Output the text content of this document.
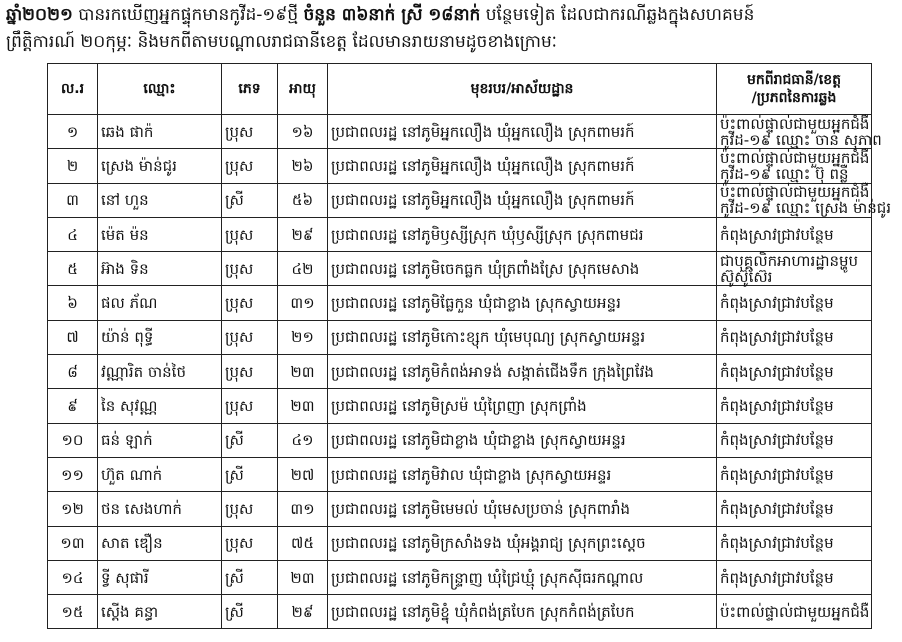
ឆ្នាំ២០២១ បានរកឃើញអ្នកផ្ទុកមានកូវីដ-១៩ថ្មី ចំនួន ៣៦នាក់ ស្រី ១៨នាក់ បន្ថែមទៀត ដែលជាករណីឆ្លងក្នុងសហគមន៍

ព្រឹត្តិការណ៍ ២០កុម្ភៈ និងមកពីតាមបណ្តាលរាជធានីខេត្ត ដែលមានរាយនាមដូចខាងក្រោមៈ

ល.រ	ឈ្មោះ	ភេទ	អាយុ	មុខរបរ/អាស័យដ្ឋាន	មកពីរាជធានី/ខេត្ត
/ប្រភពនៃការឆ្លង
១	ឆេង ផាក៉	ប្រុស	១៦	ប្រជាពលរដ្ឋ នៅភូមិអ្នកលឿង ឃុំអ្នកលឿង ស្រុកពាមរក៍	ប៉ះពាល់ផ្ទាល់ជាមួយអ្នកជំងឺ
កូវីដ-១៩ ឈ្មោះ ចាន់ សុភាព

២	ស្រេង ម៉ាន់ជូរ	ប្រុស	២៦	ប្រជាពលរដ្ឋ នៅភូមិអ្នកលឿង ឃុំអ្នកលឿង ស្រុកពាមរក៍	ប៉ះពាល់ផ្ទាល់ជាមួយអ្នកជំងឺ
កូវីដ-១៩ ឈ្មោះ ប៊ុ ពន្លឺ

៣	នៅ ហួន	ស្រី	៥៦	ប្រជាពលរដ្ឋ នៅភូមិអ្នកលឿង ឃុំអ្នកលឿង ស្រុកពាមរក៍	ប៉ះពាល់ផ្ទាល់ជាមួយអ្នកជំងឺ
កូវីដ-១៩ ឈ្មោះ ស្រេង ម៉ាន់ជូរ

៤	ម៉េត ម៉ន	ប្រុស	២៩	ប្រជាពលរដ្ឋ នៅភូមិឫស្សីស្រុក ឃុំឫស្សីស្រុក ស្រុកពាមជរ	កំពុងស្រាវជ្រាវបន្ថែម

៥	អ៊ាង ទិន	ប្រុស	៤២	ប្រជាពលរដ្ឋ នៅភូមិចេកធ្លក ឃុំត្រពាំងស្រែ ស្រុកមេសាង	ជាបុគ្គលិកអាហារដ្ឋានម្ហូប
ស៊ូស៊ូស៊ែរ

៦	ផល ភ័ណ	ប្រុស	៣១	ប្រជាពលរដ្ឋ នៅភូមិធ្លែកួន ឃុំជាខ្លាង ស្រុកស្វាយអន្ទរ	កំពុងស្រាវជ្រាវបន្ថែម

៧	យ៉ាន់ ពុទ្ធី	ប្រុស	២១	ប្រជាពលរដ្ឋ នៅភូមិកោះខ្សុក ឃុំមេបុណ្យ ស្រុកស្វាយអន្ទរ	កំពុងស្រាវជ្រាវបន្ថែម

៨	វណ្ណារិត ចាន់ថៃ	ប្រុស	២៣	ប្រជាពលរដ្ឋ នៅភូមិកំពង់អាទង់ សង្កាត់ជើងទឹក ក្រុងព្រៃវែង	កំពុងស្រាវជ្រាវបន្ថែម

៩	នៃ សុវណ្ណ	ប្រុស	២៣	ប្រជាពលរដ្ឋ នៅភូមិស្រម៉ ឃុំព្រៃញា ស្រុកព្រាំង	កំពុងស្រាវជ្រាវបន្ថែម

១០	ធន់ ឡាក់	ស្រី	៤១	ប្រជាពលរដ្ឋ នៅភូមិជាខ្លាង ឃុំជាខ្លាង ស្រុកស្វាយអន្ទរ	កំពុងស្រាវជ្រាវបន្ថែម

១១	ហ៊ួត ណាក់	ស្រី	២៧	ប្រជាពលរដ្ឋ នៅភូមិវាល ឃុំជាខ្លាង ស្រុកស្វាយអន្ទរ	កំពុងស្រាវជ្រាវបន្ថែម

១២	ថន សេងហាក់	ប្រុស	៣១	ប្រជាពលរដ្ឋ នៅភូមិមេមល់ ឃុំមេសប្រចាន់ ស្រុកពារាំង	កំពុងស្រាវជ្រាវបន្ថែម

១៣	សាត ឌឿន	ប្រុស	៧៥	ប្រជាពលរដ្ឋ នៅភូមិក្រសាំងទង ឃុំអង្គរាជ្យ ស្រុកព្រះស្តេច	កំពុងស្រាវជ្រាវបន្ថែម

១៤	ទ្វី សុផារី	ស្រី	២៣	ប្រជាពលរដ្ឋ នៅភូមិកន្ទ្រាញ ឃុំជ្រៃឃ្មុំ ស្រុកស៊ីធរកណ្តាល	កំពុងស្រាវជ្រាវបន្ថែម

១៥	ស្តើង គន្ធា	ស្រី	២៩	ប្រជាពលរដ្ឋ នៅភូមិខ្នុំ ឃុំកំពង់ត្របែក ស្រុកកំពង់ត្របែក	ប៉ះពាល់ផ្ទាល់ជាមួយអ្នកជំងឺ
